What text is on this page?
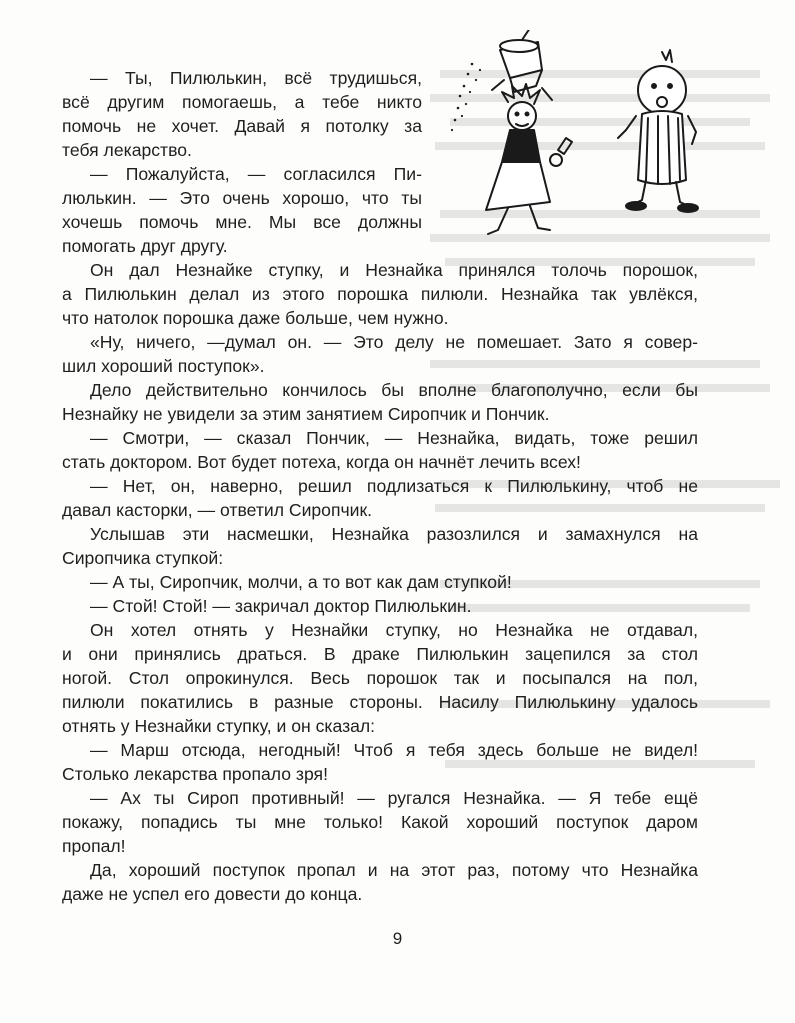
— Ты, Пилюлькин, всё трудишься,
всё другим помогаешь, а тебе никто
помочь не хочет. Давай я потолку за
тебя лекарство.
— Пожалуйста, — согласился Пи-
люлькин. — Это очень хорошо, что ты
хочешь помочь мне. Мы все должны
помогать друг другу.
Он дал Незнайке ступку, и Незнайка принялся толочь порошок,
а Пилюлькин делал из этого порошка пилюли. Незнайка так увлёкся,
что натолок порошка даже больше, чем нужно.
«Ну, ничего, —думал он. — Это делу не помешает. Зато я совер-
шил хороший поступок».
Дело действительно кончилось бы вполне благополучно, если бы
Незнайку не увидели за этим занятием Сиропчик и Пончик.
— Смотри, — сказал Пончик, — Незнайка, видать, тоже решил
стать доктором. Вот будет потеха, когда он начнёт лечить всех!
— Нет, он, наверно, решил подлизаться к Пилюлькину, чтоб не
давал касторки, — ответил Сиропчик.
Услышав эти насмешки, Незнайка разозлился и замахнулся на
Сиропчика ступкой:
— А ты, Сиропчик, молчи, а то вот как дам ступкой!
— Стой! Стой! — закричал доктор Пилюлькин.
Он хотел отнять у Незнайки ступку, но Незнайка не отдавал,
и они принялись драться. В драке Пилюлькин зацепился за стол
ногой. Стол опрокинулся. Весь порошок так и посыпался на пол,
пилюли покатились в разные стороны. Насилу Пилюлькину удалось
отнять у Незнайки ступку, и он сказал:
— Марш отсюда, негодный! Чтоб я тебя здесь больше не видел!
Столько лекарства пропало зря!
— Ах ты Сироп противный! — ругался Незнайка. — Я тебе ещё
покажу, попадись ты мне только! Какой хороший поступок даром
пропал!
Да, хороший поступок пропал и на этот раз, потому что Незнайка
даже не успел его довести до конца.
9
